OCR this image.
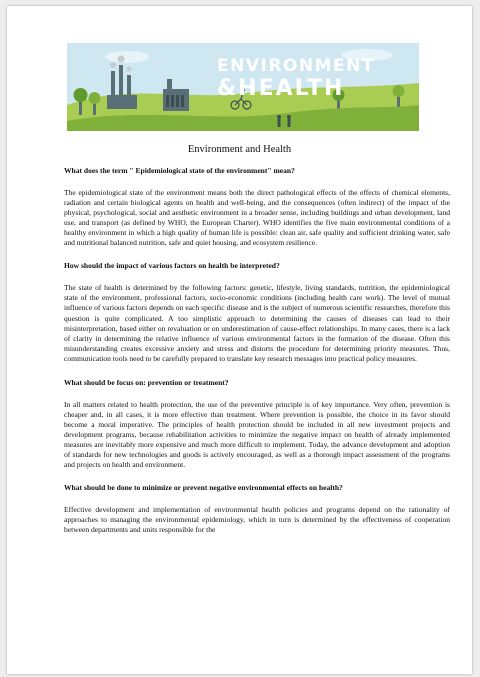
ENVIRONMENT
&HEALTH
Environment and Health
What does the term " Epidemiological state of the environment" mean?
The epidemiological state of the environment means both the direct pathological effects of the effects of chemical elements, radiation and certain biological agents on health and well-being, and the consequences (often indirect) of the impact of the physical, psychological, social and aesthetic environment in a broader sense, including buildings and urban development, land use, and transport (as defined by WHO, the European Charter). WHO identifies the five main environmental conditions of a healthy environment in which a high quality of human life is possible: clean air, safe quality and sufficient drinking water, safe and nutritional balanced nutrition, safe and quiet housing, and ecosystem resilience.
How should the impact of various factors on health be interpreted?
The state of health is determined by the following factors: genetic, lifestyle, living standards, nutrition, the epidemiological state of the environment, professional factors, socio-economic conditions (including health care work). The level of mutual influence of various factors depends on each specific disease and is the subject of numerous scientific researches, therefore this question is quite complicated. A too simplistic approach to determining the causes of diseases can lead to their misinterpretation, based either on revaluation or on underestimation of cause-effect relationships. In many cases, there is a lack of clarity in determining the relative influence of various environmental factors in the formation of the disease. Often this misunderstanding creates excessive anxiety and stress and distorts the procedure for determining priority measures. Thus, communication tools need to be carefully prepared to translate key research messages into practical policy measures.
What should be focus on: prevention or treatment?
In all matters related to health protection, the use of the preventive principle is of key importance. Very often, prevention is cheaper and, in all cases, it is more effective than treatment. Where prevention is possible, the choice in its favor should become a moral imperative. The principles of health protection should be included in all new investment projects and development programs, because rehabilitation activities to minimize the negative impact on health of already implemented measures are inevitably more expensive and much more difficult to implement. Today, the advance development and adoption of standards for new technologies and goods is actively encouraged, as well as a thorough impact assessment of the programs and projects on health and environment.
What should be done to minimize or prevent negative environmental effects on health?
Effective development and implementation of environmental health policies and programs depend on the rationality of approaches to managing the environmental epidemiology, which in turn is determined by the effectiveness of cooperation between departments and units responsible for the
